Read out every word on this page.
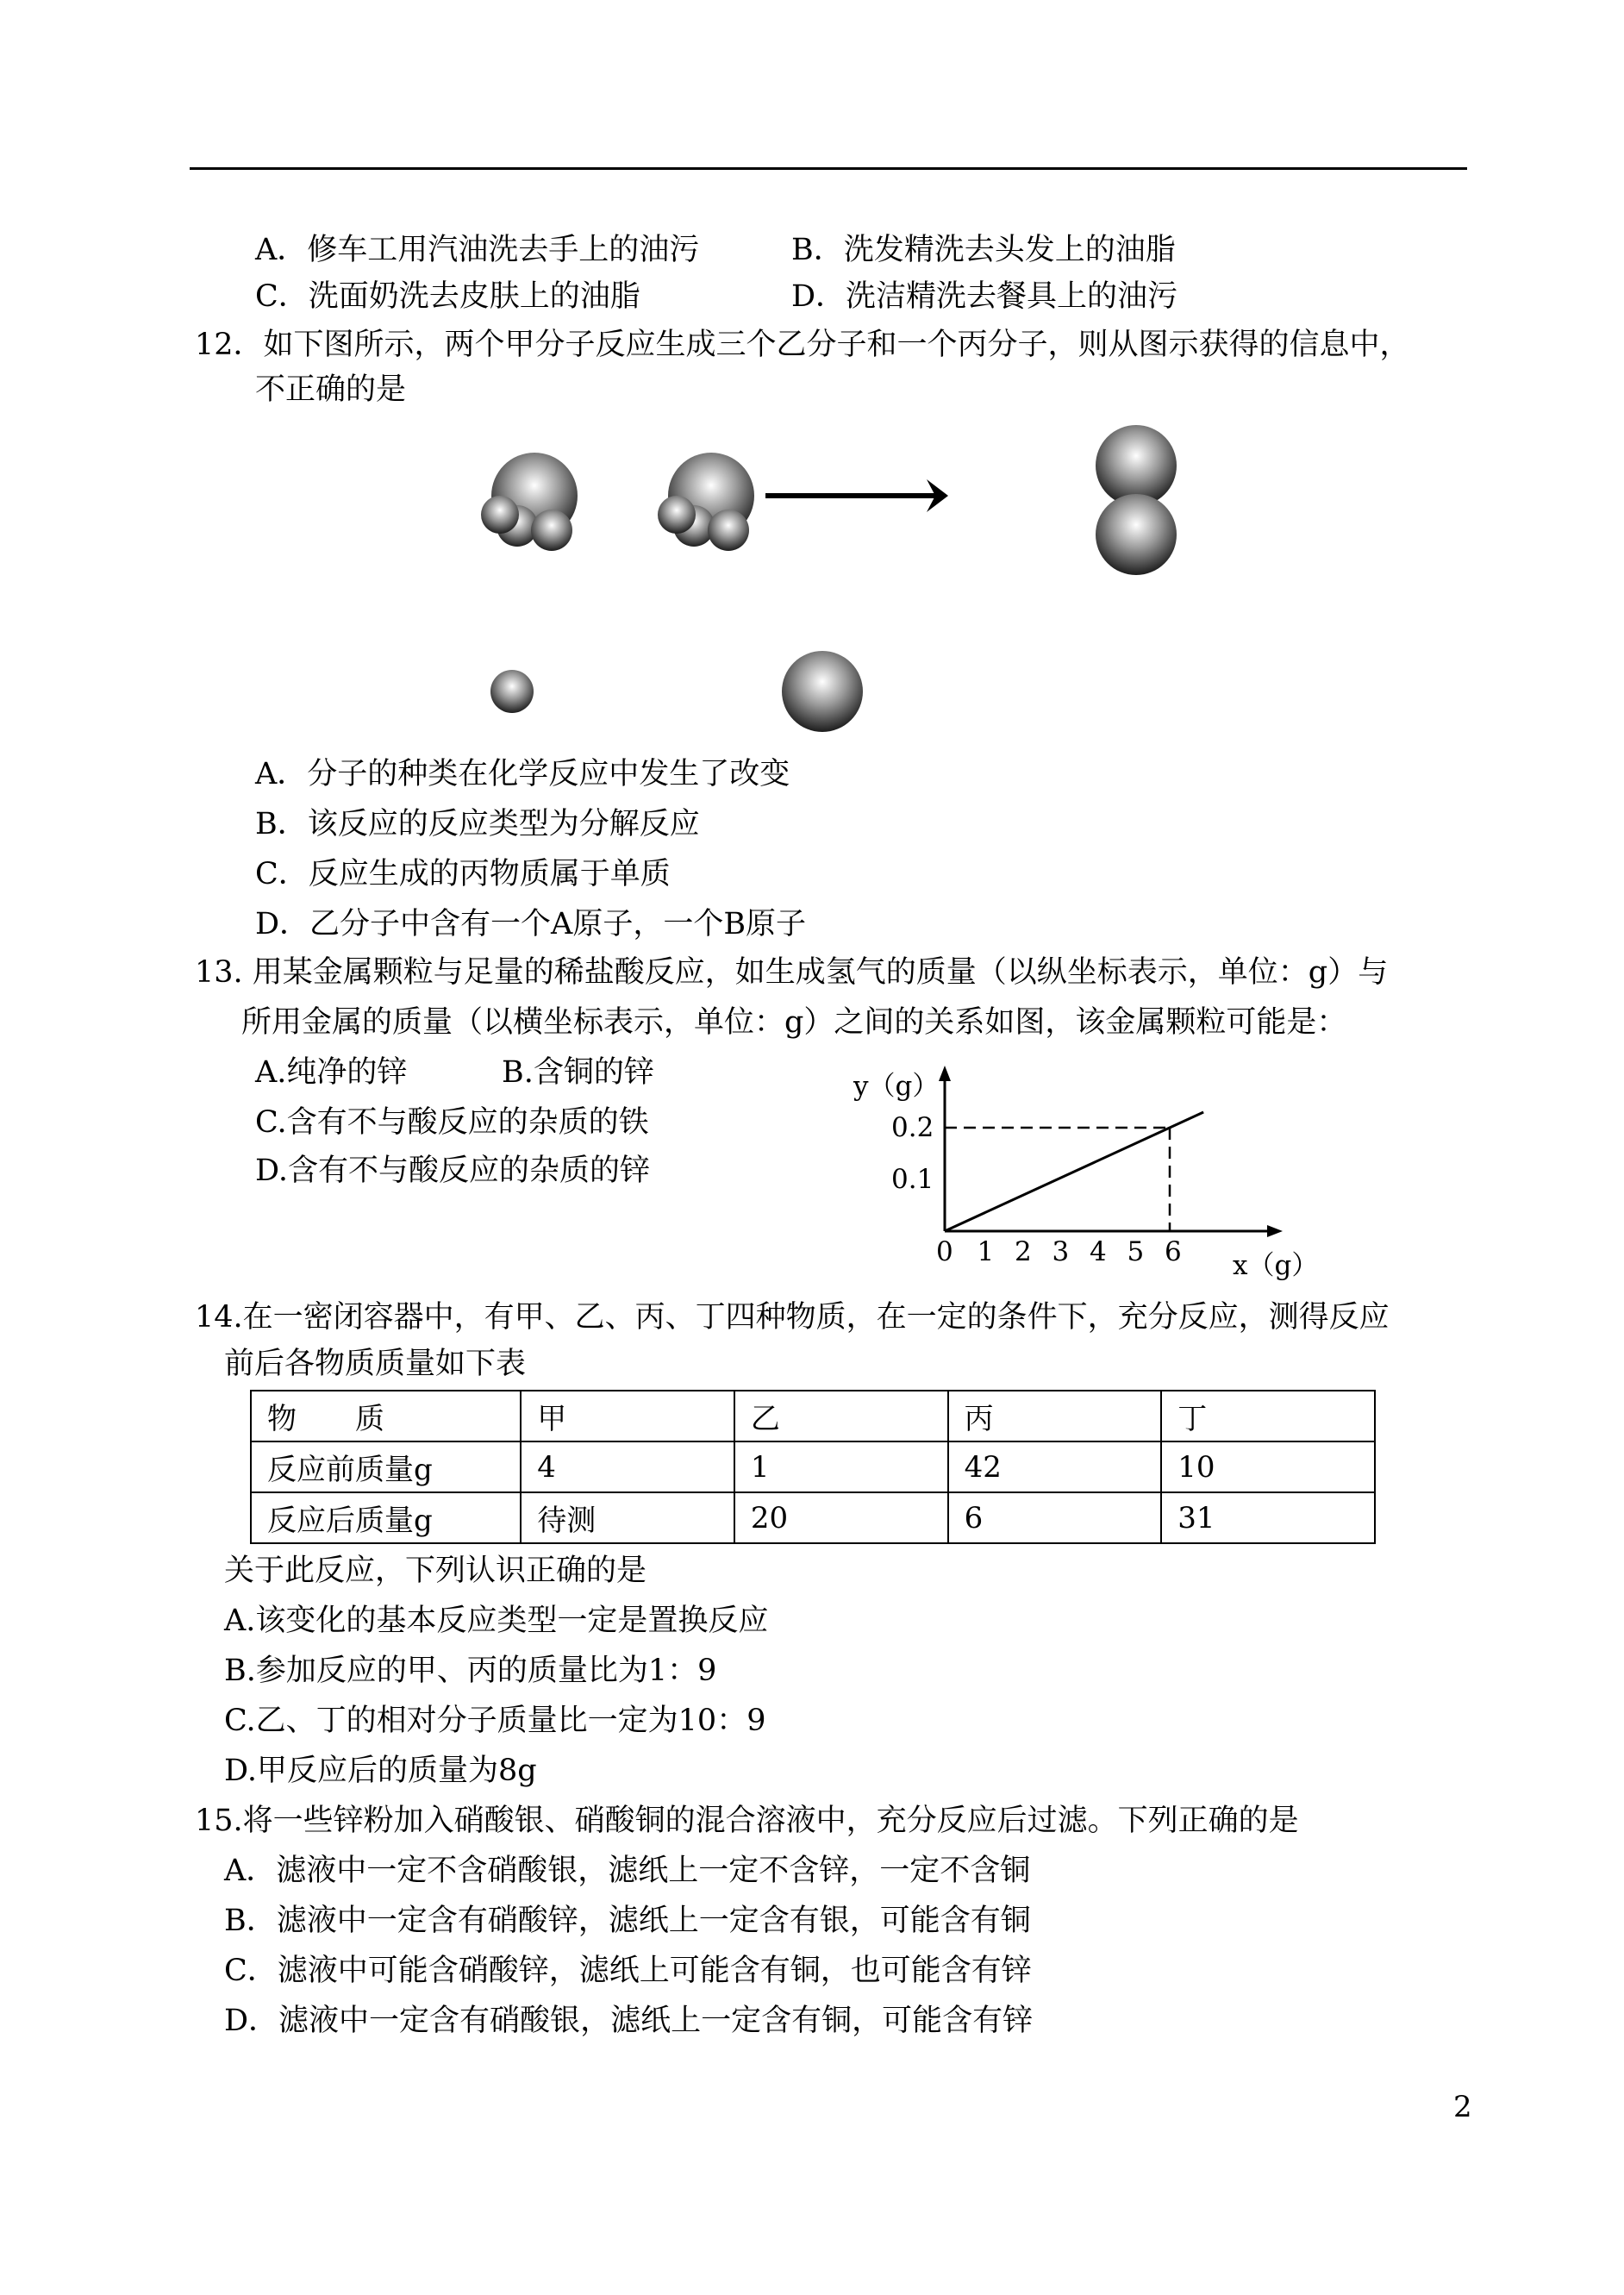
A．修车工用汽油洗去手上的油污	B．洗发精洗去头发上的油脂
C．洗面奶洗去皮肤上的油脂	D．洗洁精洗去餐具上的油污
12．如下图所示，两个甲分子反应生成三个乙分子和一个丙分子，则从图示获得的信息中，
不正确的是
A．分子的种类在化学反应中发生了改变
B．该反应的反应类型为分解反应
C．反应生成的丙物质属于单质
D．乙分子中含有一个A原子，一个B原子
13. 用某金属颗粒与足量的稀盐酸反应，如生成氢气的质量（以纵坐标表示，单位：g）与
所用金属的质量（以横坐标表示，单位：g）之间的关系如图，该金属颗粒可能是：
A.纯净的锌	B.含铜的锌
C.含有不与酸反应的杂质的铁
D.含有不与酸反应的杂质的锌
y（g）
x（g）
0 1 2 3 4 5 6
0.1
0.2
14.在一密闭容器中，有甲、乙、丙、丁四种物质，在一定的条件下，充分反应，测得反应
前后各物质质量如下表
物　　质	甲	乙	丙	丁
反应前质量g	4	1	42	10
反应后质量g	待测	20	6	31
关于此反应，下列认识正确的是
A.该变化的基本反应类型一定是置换反应
B.参加反应的甲、丙的质量比为1：9
C.乙、丁的相对分子质量比一定为10：9
D.甲反应后的质量为8g
15.将一些锌粉加入硝酸银、硝酸铜的混合溶液中，充分反应后过滤。下列正确的是
A．滤液中一定不含硝酸银，滤纸上一定不含锌，一定不含铜
B．滤液中一定含有硝酸锌，滤纸上一定含有银，可能含有铜
C．滤液中可能含硝酸锌，滤纸上可能含有铜，也可能含有锌
D．滤液中一定含有硝酸银，滤纸上一定含有铜，可能含有锌
2
